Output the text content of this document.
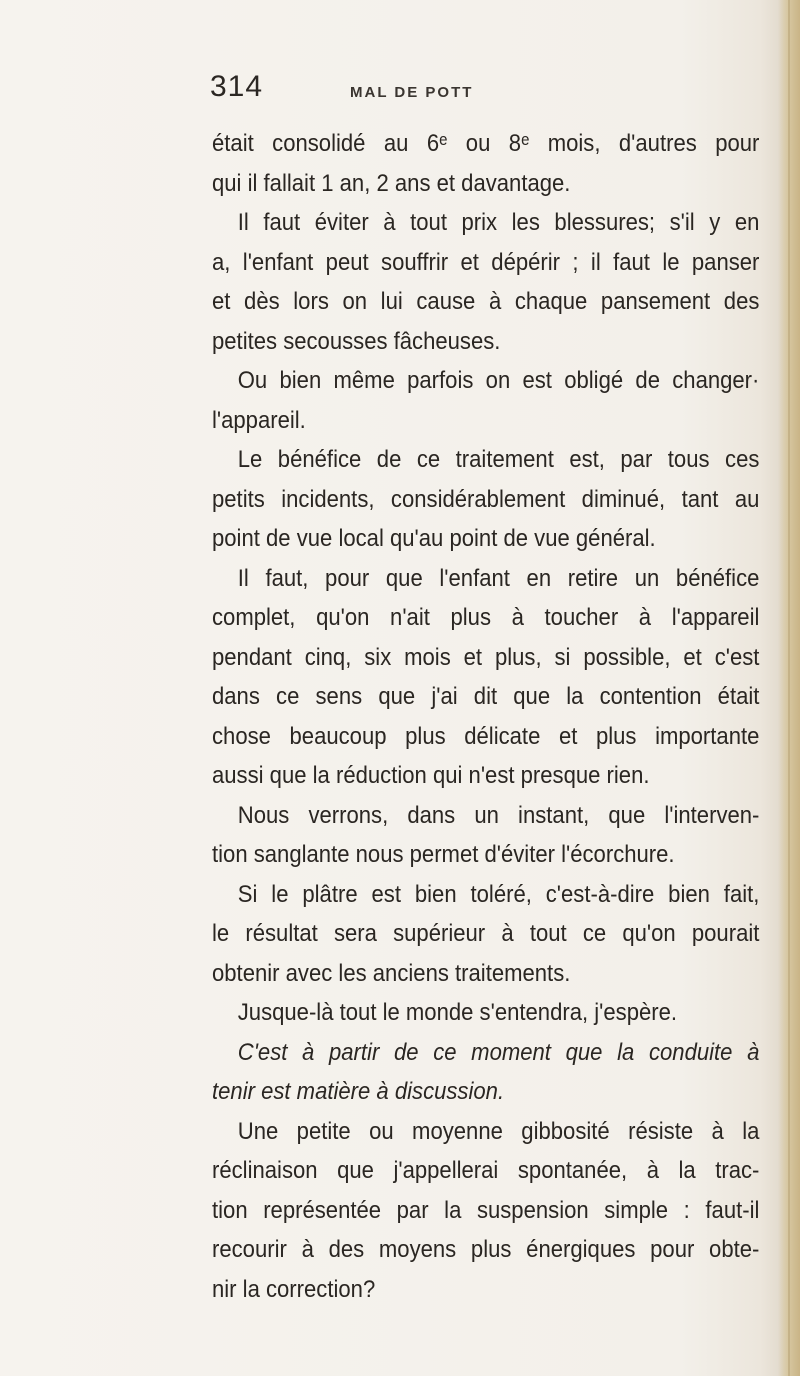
314	MAL DE POTT
était consolidé au 6ᵉ ou 8ᵉ mois, d'autres pour
qui il fallait 1 an, 2 ans et davantage.
Il faut éviter à tout prix les blessures; s'il y en
a, l'enfant peut souffrir et dépérir ; il faut le panser
et dès lors on lui cause à chaque pansement des
petites secousses fâcheuses.
Ou bien même parfois on est obligé de changer·
l'appareil.
Le bénéfice de ce traitement est, par tous ces
petits incidents, considérablement diminué, tant au
point de vue local qu'au point de vue général.
Il faut, pour que l'enfant en retire un bénéfice
complet, qu'on n'ait plus à toucher à l'appareil
pendant cinq, six mois et plus, si possible, et c'est
dans ce sens que j'ai dit que la contention était
chose beaucoup plus délicate et plus importante
aussi que la réduction qui n'est presque rien.
Nous verrons, dans un instant, que l'interven-
tion sanglante nous permet d'éviter l'écorchure.
Si le plâtre est bien toléré, c'est-à-dire bien fait,
le résultat sera supérieur à tout ce qu'on pourait
obtenir avec les anciens traitements.
Jusque-là tout le monde s'entendra, j'espère.
C'est à partir de ce moment que la conduite à
tenir est matière à discussion.
Une petite ou moyenne gibbosité résiste à la
réclinaison que j'appellerai spontanée, à la trac-
tion représentée par la suspension simple : faut-il
recourir à des moyens plus énergiques pour obte-
nir la correction?
